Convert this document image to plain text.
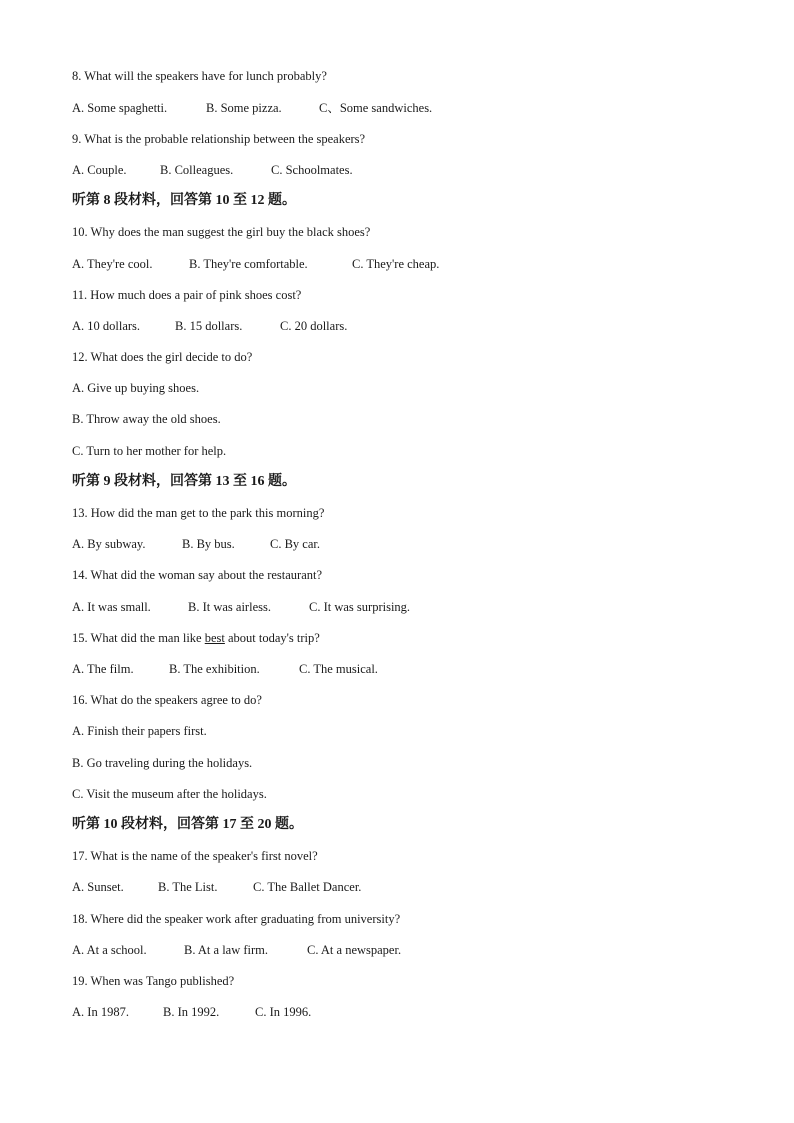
8. What will the speakers have for lunch probably?
A. Some spaghetti.	B. Some pizza.	C、Some sandwiches.
9. What is the probable relationship between the speakers?
A. Couple.	B. Colleagues.	C. Schoolmates.
听第 8 段材料，回答第 10 至 12 题。
10. Why does the man suggest the girl buy the black shoes?
A. They're cool.	B. They're comfortable.	C. They're cheap.
11. How much does a pair of pink shoes cost?
A. 10 dollars.	B. 15 dollars.	C. 20 dollars.
12. What does the girl decide to do?
A. Give up buying shoes.
B. Throw away the old shoes.
C. Turn to her mother for help.
听第 9 段材料，回答第 13 至 16 题。
13. How did the man get to the park this morning?
A. By subway.	B. By bus.	C. By car.
14. What did the woman say about the restaurant?
A. It was small.	B. It was airless.	C. It was surprising.
15. What did the man like best about today's trip?
A. The film.	B. The exhibition.	C. The musical.
16. What do the speakers agree to do?
A. Finish their papers first.
B. Go traveling during the holidays.
C. Visit the museum after the holidays.
听第 10 段材料，回答第 17 至 20 题。
17. What is the name of the speaker's first novel?
A. Sunset.	B. The List.	C. The Ballet Dancer.
18. Where did the speaker work after graduating from university?
A. At a school.	B. At a law firm.	C. At a newspaper.
19. When was Tango published?
A. In 1987.	B. In 1992.	C. In 1996.
